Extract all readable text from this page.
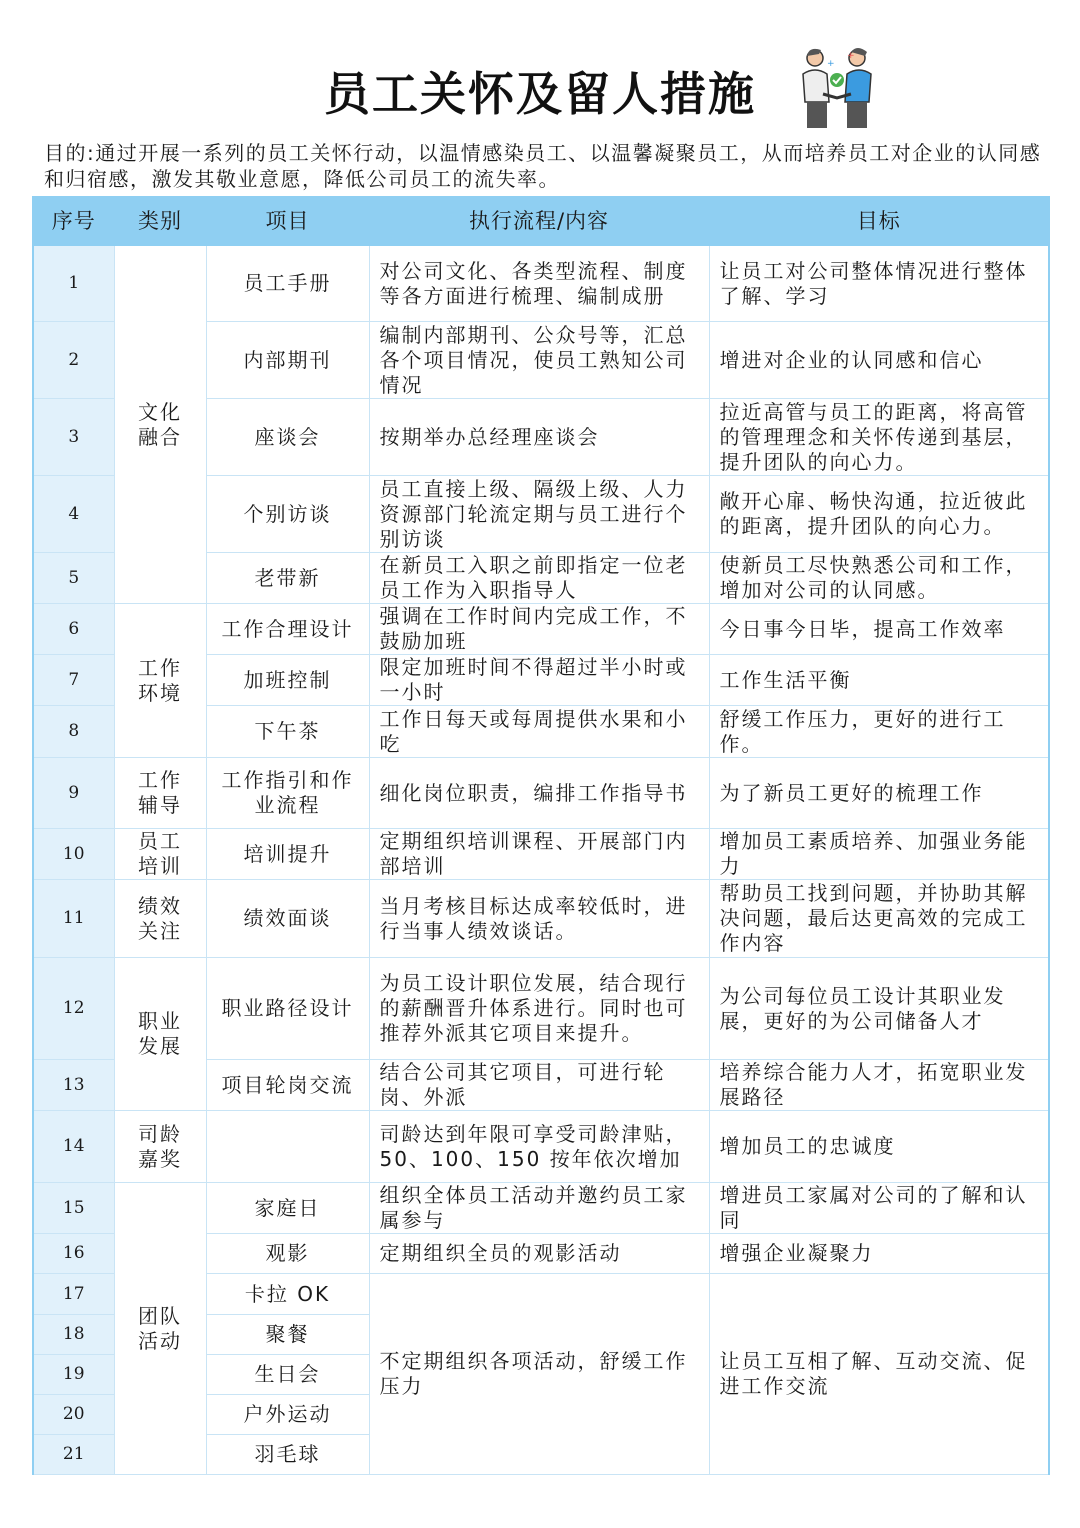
员工关怀及留人措施
+
+
目的:通过开展一系列的员工关怀行动，以温情感染员工、以温馨凝聚员工，从而培养员工对企业的认同感和归宿感，激发其敬业意愿，降低公司员工的流失率。
序号	类别	项目	执行流程/内容	目标
1	文化融合	员工手册	对公司文化、各类型流程、制度等各方面进行梳理、编制成册	让员工对公司整体情况进行整体了解、学习
2		内部期刊	编制内部期刊、公众号等，汇总各个项目情况，使员工熟知公司情况	增进对企业的认同感和信心
3		座谈会	按期举办总经理座谈会	拉近高管与员工的距离，将高管的管理理念和关怀传递到基层，提升团队的向心力。
4		个别访谈	员工直接上级、隔级上级、人力资源部门轮流定期与员工进行个别访谈	敞开心扉、畅快沟通，拉近彼此的距离，提升团队的向心力。
5		老带新	在新员工入职之前即指定一位老员工作为入职指导人	使新员工尽快熟悉公司和工作，增加对公司的认同感。
6	工作环境	工作合理设计	强调在工作时间内完成工作，不鼓励加班	今日事今日毕，提高工作效率
7		加班控制	限定加班时间不得超过半小时或一小时	工作生活平衡
8		下午茶	工作日每天或每周提供水果和小吃	舒缓工作压力，更好的进行工作。
9	工作辅导	工作指引和作业流程	细化岗位职责，编排工作指导书	为了新员工更好的梳理工作
10	员工培训	培训提升	定期组织培训课程、开展部门内部培训	增加员工素质培养、加强业务能力
11	绩效关注	绩效面谈	当月考核目标达成率较低时，进行当事人绩效谈话。	帮助员工找到问题，并协助其解决问题，最后达更高效的完成工作内容
12	职业发展	职业路径设计	为员工设计职位发展，结合现行的薪酬晋升体系进行。同时也可推荐外派其它项目来提升。	为公司每位员工设计其职业发展，更好的为公司储备人才
13		项目轮岗交流	结合公司其它项目，可进行轮岗、外派	培养综合能力人才，拓宽职业发展路径
14	司龄嘉奖		司龄达到年限可享受司龄津贴，50、100、150 按年依次增加	增加员工的忠诚度
15	团队活动	家庭日	组织全体员工活动并邀约员工家属参与	增进员工家属对公司的了解和认同
16		观影	定期组织全员的观影活动	增强企业凝聚力
17		卡拉 OK	不定期组织各项活动，舒缓工作压力	让员工互相了解、互动交流、促进工作交流
18		聚餐		
19		生日会		
20		户外运动		
21		羽毛球		
